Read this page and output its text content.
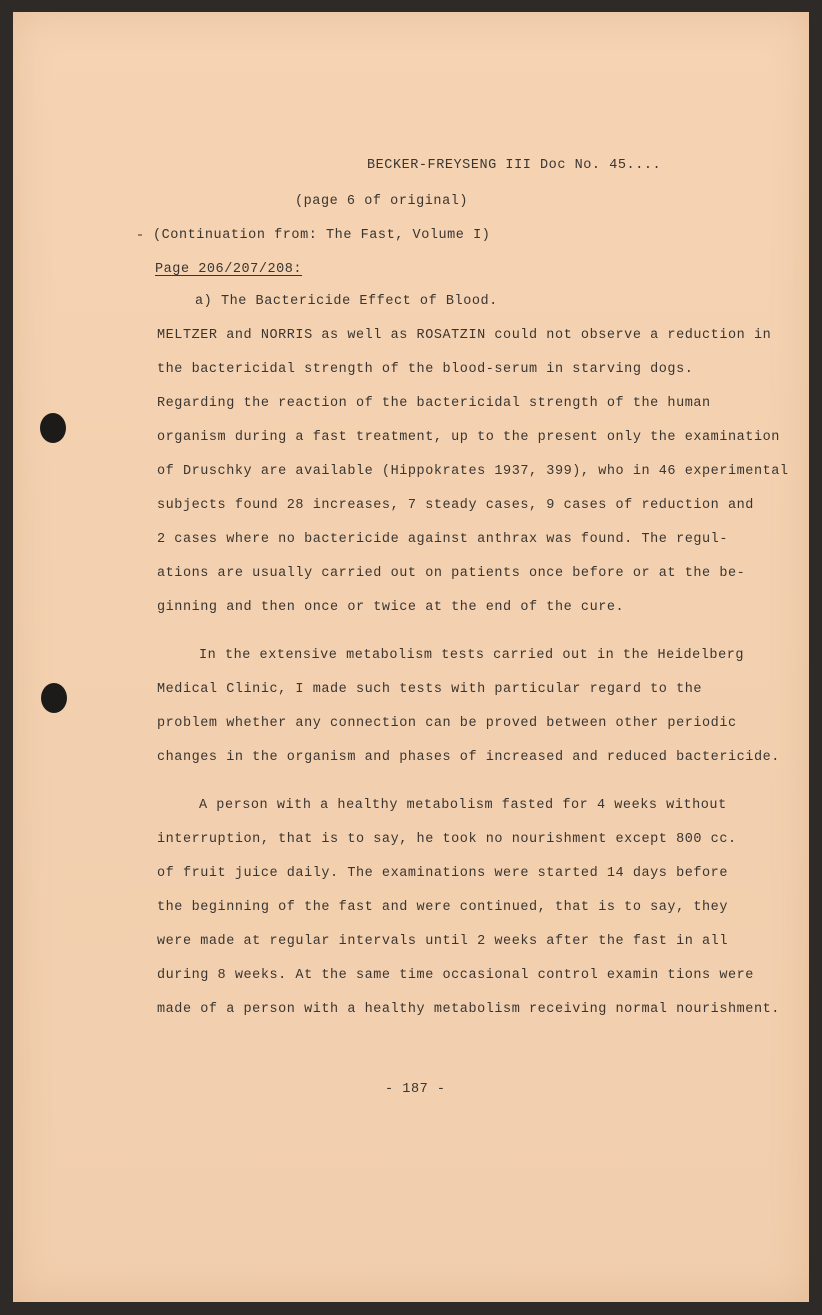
BECKER-FREYSENG III Doc No. 45....
(page 6 of original)
(Continuation from: The Fast, Volume I)
Page 206/207/208:
a) The Bactericide Effect of Blood.
MELTZER and NORRIS as well as ROSATZIN could not observe a reduction in
the bactericidal strength of the blood-serum in starving dogs.
Regarding the reaction of the bactericidal strength of the human
organism during a fast treatment, up to the present only the examination
of Druschky are available (Hippokrates 1937, 399), who in 46 experimental
subjects found 28 increases, 7 steady cases, 9 cases of reduction and
2 cases where no bactericide against anthrax was found. The regul-
ations are usually carried out on patients once before or at the be-
ginning and then once or twice at the end of the cure.
In the extensive metabolism tests carried out in the Heidelberg
Medical Clinic, I made such tests with particular regard to the
problem whether any connection can be proved between other periodic
changes in the organism and phases of increased and reduced bactericide.
A person with a healthy metabolism fasted for 4 weeks without
interruption, that is to say, he took no nourishment except 800 cc.
of fruit juice daily. The examinations were started 14 days before
the beginning of the fast and were continued, that is to say, they
were made at regular intervals until 2 weeks after the fast in all
during 8 weeks. At the same time occasional control examin tions were
made of a person with a healthy metabolism receiving normal nourishment.
- 187 -
